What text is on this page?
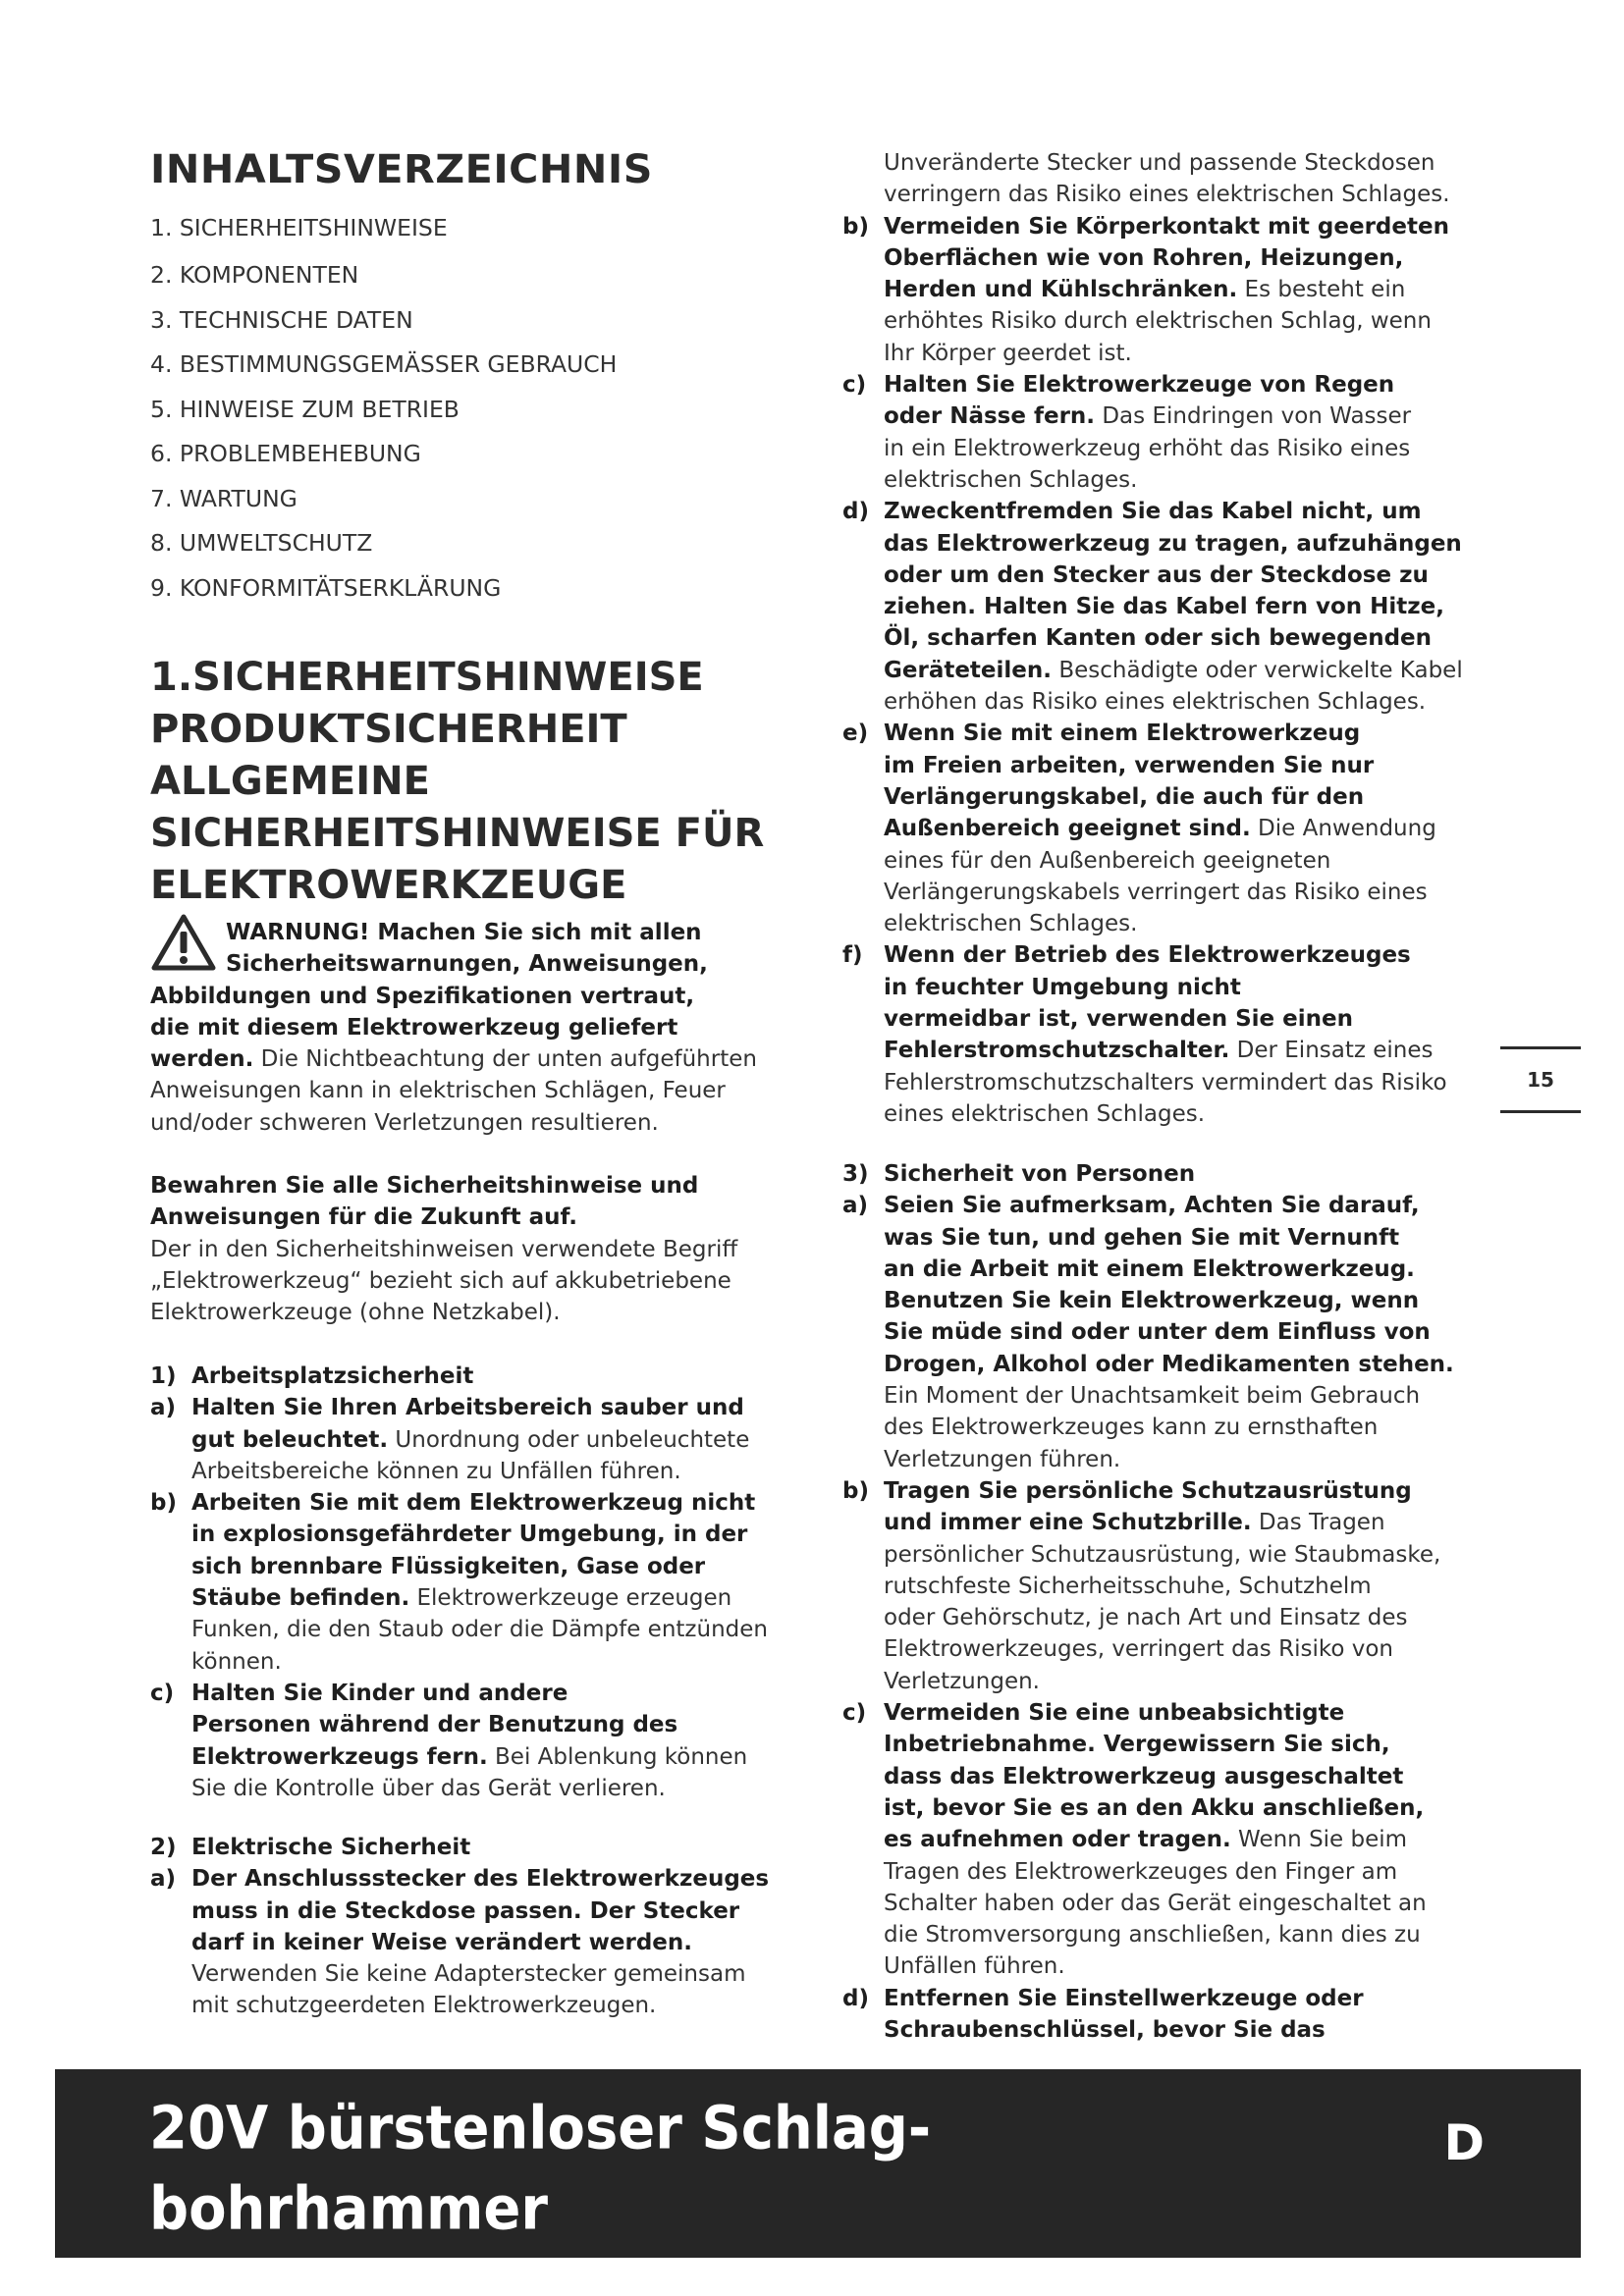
INHALTSVERZEICHNIS

1. SICHERHEITSHINWEISE

2. KOMPONENTEN

3. TECHNISCHE DATEN

4. BESTIMMUNGSGEMÄSSER GEBRAUCH

5. HINWEISE ZUM BETRIEB

6. PROBLEMBEHEBUNG

7. WARTUNG

8. UMWELTSCHUTZ

9. KONFORMITÄTSERKLÄRUNG

1.SICHERHEITSHINWEISE
PRODUKTSICHERHEIT
ALLGEMEINE
SICHERHEITSHINWEISE FÜR
ELEKTROWERKZEUGE
WARNUNG! Machen Sie sich mit allen
Sicherheitswarnungen, Anweisungen,
Abbildungen und Spezifikationen vertraut,
die mit diesem Elektrowerkzeug geliefert
werden. Die Nichtbeachtung der unten aufgeführten
Anweisungen kann in elektrischen Schlägen, Feuer
und/oder schweren Verletzungen resultieren.
Bewahren Sie alle Sicherheitshinweise und
Anweisungen für die Zukunft auf.
Der in den Sicherheitshinweisen verwendete Begriff
„Elektrowerkzeug“ bezieht sich auf akkubetriebene
Elektrowerkzeuge (ohne Netzkabel).
1) Arbeitsplatzsicherheit
a) Halten Sie Ihren Arbeitsbereich sauber und
gut beleuchtet. Unordnung oder unbeleuchtete
Arbeitsbereiche können zu Unfällen führen.
b) Arbeiten Sie mit dem Elektrowerkzeug nicht
in explosionsgefährdeter Umgebung, in der
sich brennbare Flüssigkeiten, Gase oder
Stäube befinden. Elektrowerkzeuge erzeugen
Funken, die den Staub oder die Dämpfe entzünden
können.
c) Halten Sie Kinder und andere
Personen während der Benutzung des
Elektrowerkzeugs fern. Bei Ablenkung können
Sie die Kontrolle über das Gerät verlieren.
2) Elektrische Sicherheit
a) Der Anschlussstecker des Elektrowerkzeuges
muss in die Steckdose passen. Der Stecker
darf in keiner Weise verändert werden.
Verwenden Sie keine Adapterstecker gemeinsam
mit schutzgeerdeten Elektrowerkzeugen.
Unveränderte Stecker und passende Steckdosen
verringern das Risiko eines elektrischen Schlages.
b) Vermeiden Sie Körperkontakt mit geerdeten
Oberflächen wie von Rohren, Heizungen,
Herden und Kühlschränken. Es besteht ein
erhöhtes Risiko durch elektrischen Schlag, wenn
Ihr Körper geerdet ist.
c) Halten Sie Elektrowerkzeuge von Regen
oder Nässe fern. Das Eindringen von Wasser
in ein Elektrowerkzeug erhöht das Risiko eines
elektrischen Schlages.
d) Zweckentfremden Sie das Kabel nicht, um
das Elektrowerkzeug zu tragen, aufzuhängen
oder um den Stecker aus der Steckdose zu
ziehen. Halten Sie das Kabel fern von Hitze,
Öl, scharfen Kanten oder sich bewegenden
Geräteteilen. Beschädigte oder verwickelte Kabel
erhöhen das Risiko eines elektrischen Schlages.
e) Wenn Sie mit einem Elektrowerkzeug
im Freien arbeiten, verwenden Sie nur
Verlängerungskabel, die auch für den
Außenbereich geeignet sind. Die Anwendung
eines für den Außenbereich geeigneten
Verlängerungskabels verringert das Risiko eines
elektrischen Schlages.
f) Wenn der Betrieb des Elektrowerkzeuges
in feuchter Umgebung nicht
vermeidbar ist, verwenden Sie einen
Fehlerstromschutzschalter. Der Einsatz eines
Fehlerstromschutzschalters vermindert das Risiko
eines elektrischen Schlages.
3) Sicherheit von Personen
a) Seien Sie aufmerksam, Achten Sie darauf,
was Sie tun, und gehen Sie mit Vernunft
an die Arbeit mit einem Elektrowerkzeug.
Benutzen Sie kein Elektrowerkzeug, wenn
Sie müde sind oder unter dem Einfluss von
Drogen, Alkohol oder Medikamenten stehen.
Ein Moment der Unachtsamkeit beim Gebrauch
des Elektrowerkzeuges kann zu ernsthaften
Verletzungen führen.
b) Tragen Sie persönliche Schutzausrüstung
und immer eine Schutzbrille. Das Tragen
persönlicher Schutzausrüstung, wie Staubmaske,
rutschfeste Sicherheitsschuhe, Schutzhelm
oder Gehörschutz, je nach Art und Einsatz des
Elektrowerkzeuges, verringert das Risiko von
Verletzungen.
c) Vermeiden Sie eine unbeabsichtigte
Inbetriebnahme. Vergewissern Sie sich,
dass das Elektrowerkzeug ausgeschaltet
ist, bevor Sie es an den Akku anschließen,
es aufnehmen oder tragen. Wenn Sie beim
Tragen des Elektrowerkzeuges den Finger am
Schalter haben oder das Gerät eingeschaltet an
die Stromversorgung anschließen, kann dies zu
Unfällen führen.
d) Entfernen Sie Einstellwerkzeuge oder
Schraubenschlüssel, bevor Sie das
15
20V bürstenloser Schlag-
bohrhammer
D
